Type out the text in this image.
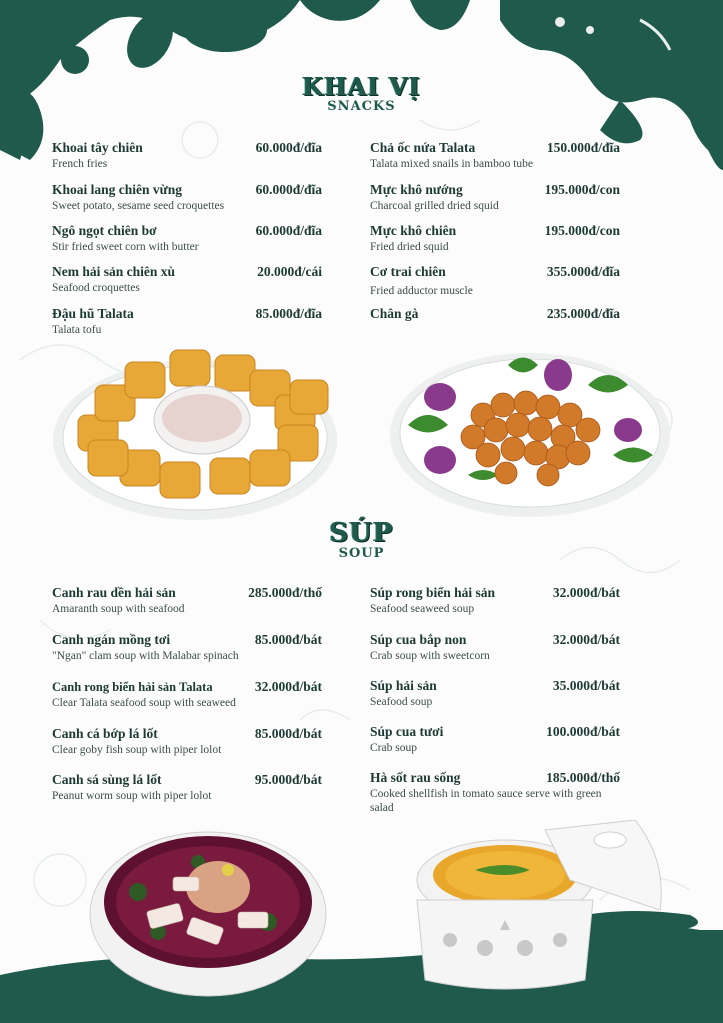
KHAI VỊ
SNACKS
Khoai tây chiên	60.000đ/đĩa
French fries
Khoai lang chiên vừng	60.000đ/đĩa
Sweet potato, sesame seed croquettes
Ngô ngọt chiên bơ	60.000đ/đĩa
Stir fried sweet corn with butter
Nem hải sản chiên xù	20.000đ/cái
Seafood croquettes
Đậu hũ Talata	85.000đ/đĩa
Talata tofu
Chả ốc nứa Talata	150.000đ/đĩa
Talata mixed snails in bamboo tube
Mực khô nướng	195.000đ/con
Charcoal grilled dried squid
Mực khô chiên	195.000đ/con
Fried dried squid
Cơ trai chiên	355.000đ/đĩa
Fried adductor muscle
Chân gà	235.000đ/đĩa
SÚP
SOUP
Canh rau dền hải sản	285.000đ/thố
Amaranth soup with seafood
Canh ngán mồng tơi	85.000đ/bát
"Ngan" clam soup with Malabar spinach
Canh rong biển hải sản Talata	32.000đ/bát
Clear Talata seafood soup with seaweed
Canh cá bớp lá lốt	85.000đ/bát
Clear goby fish soup with piper lolot
Canh sá sùng lá lốt	95.000đ/bát
Peanut worm soup with piper lolot
Súp rong biển hải sản	32.000đ/bát
Seafood seaweed soup
Súp cua bắp non	32.000đ/bát
Crab soup with sweetcorn
Súp hải sản	35.000đ/bát
Seafood soup
Súp cua tươi	100.000đ/bát
Crab soup
Hà sốt rau sống	185.000đ/thố
Cooked shellfish in tomato sauce serve with green salad
